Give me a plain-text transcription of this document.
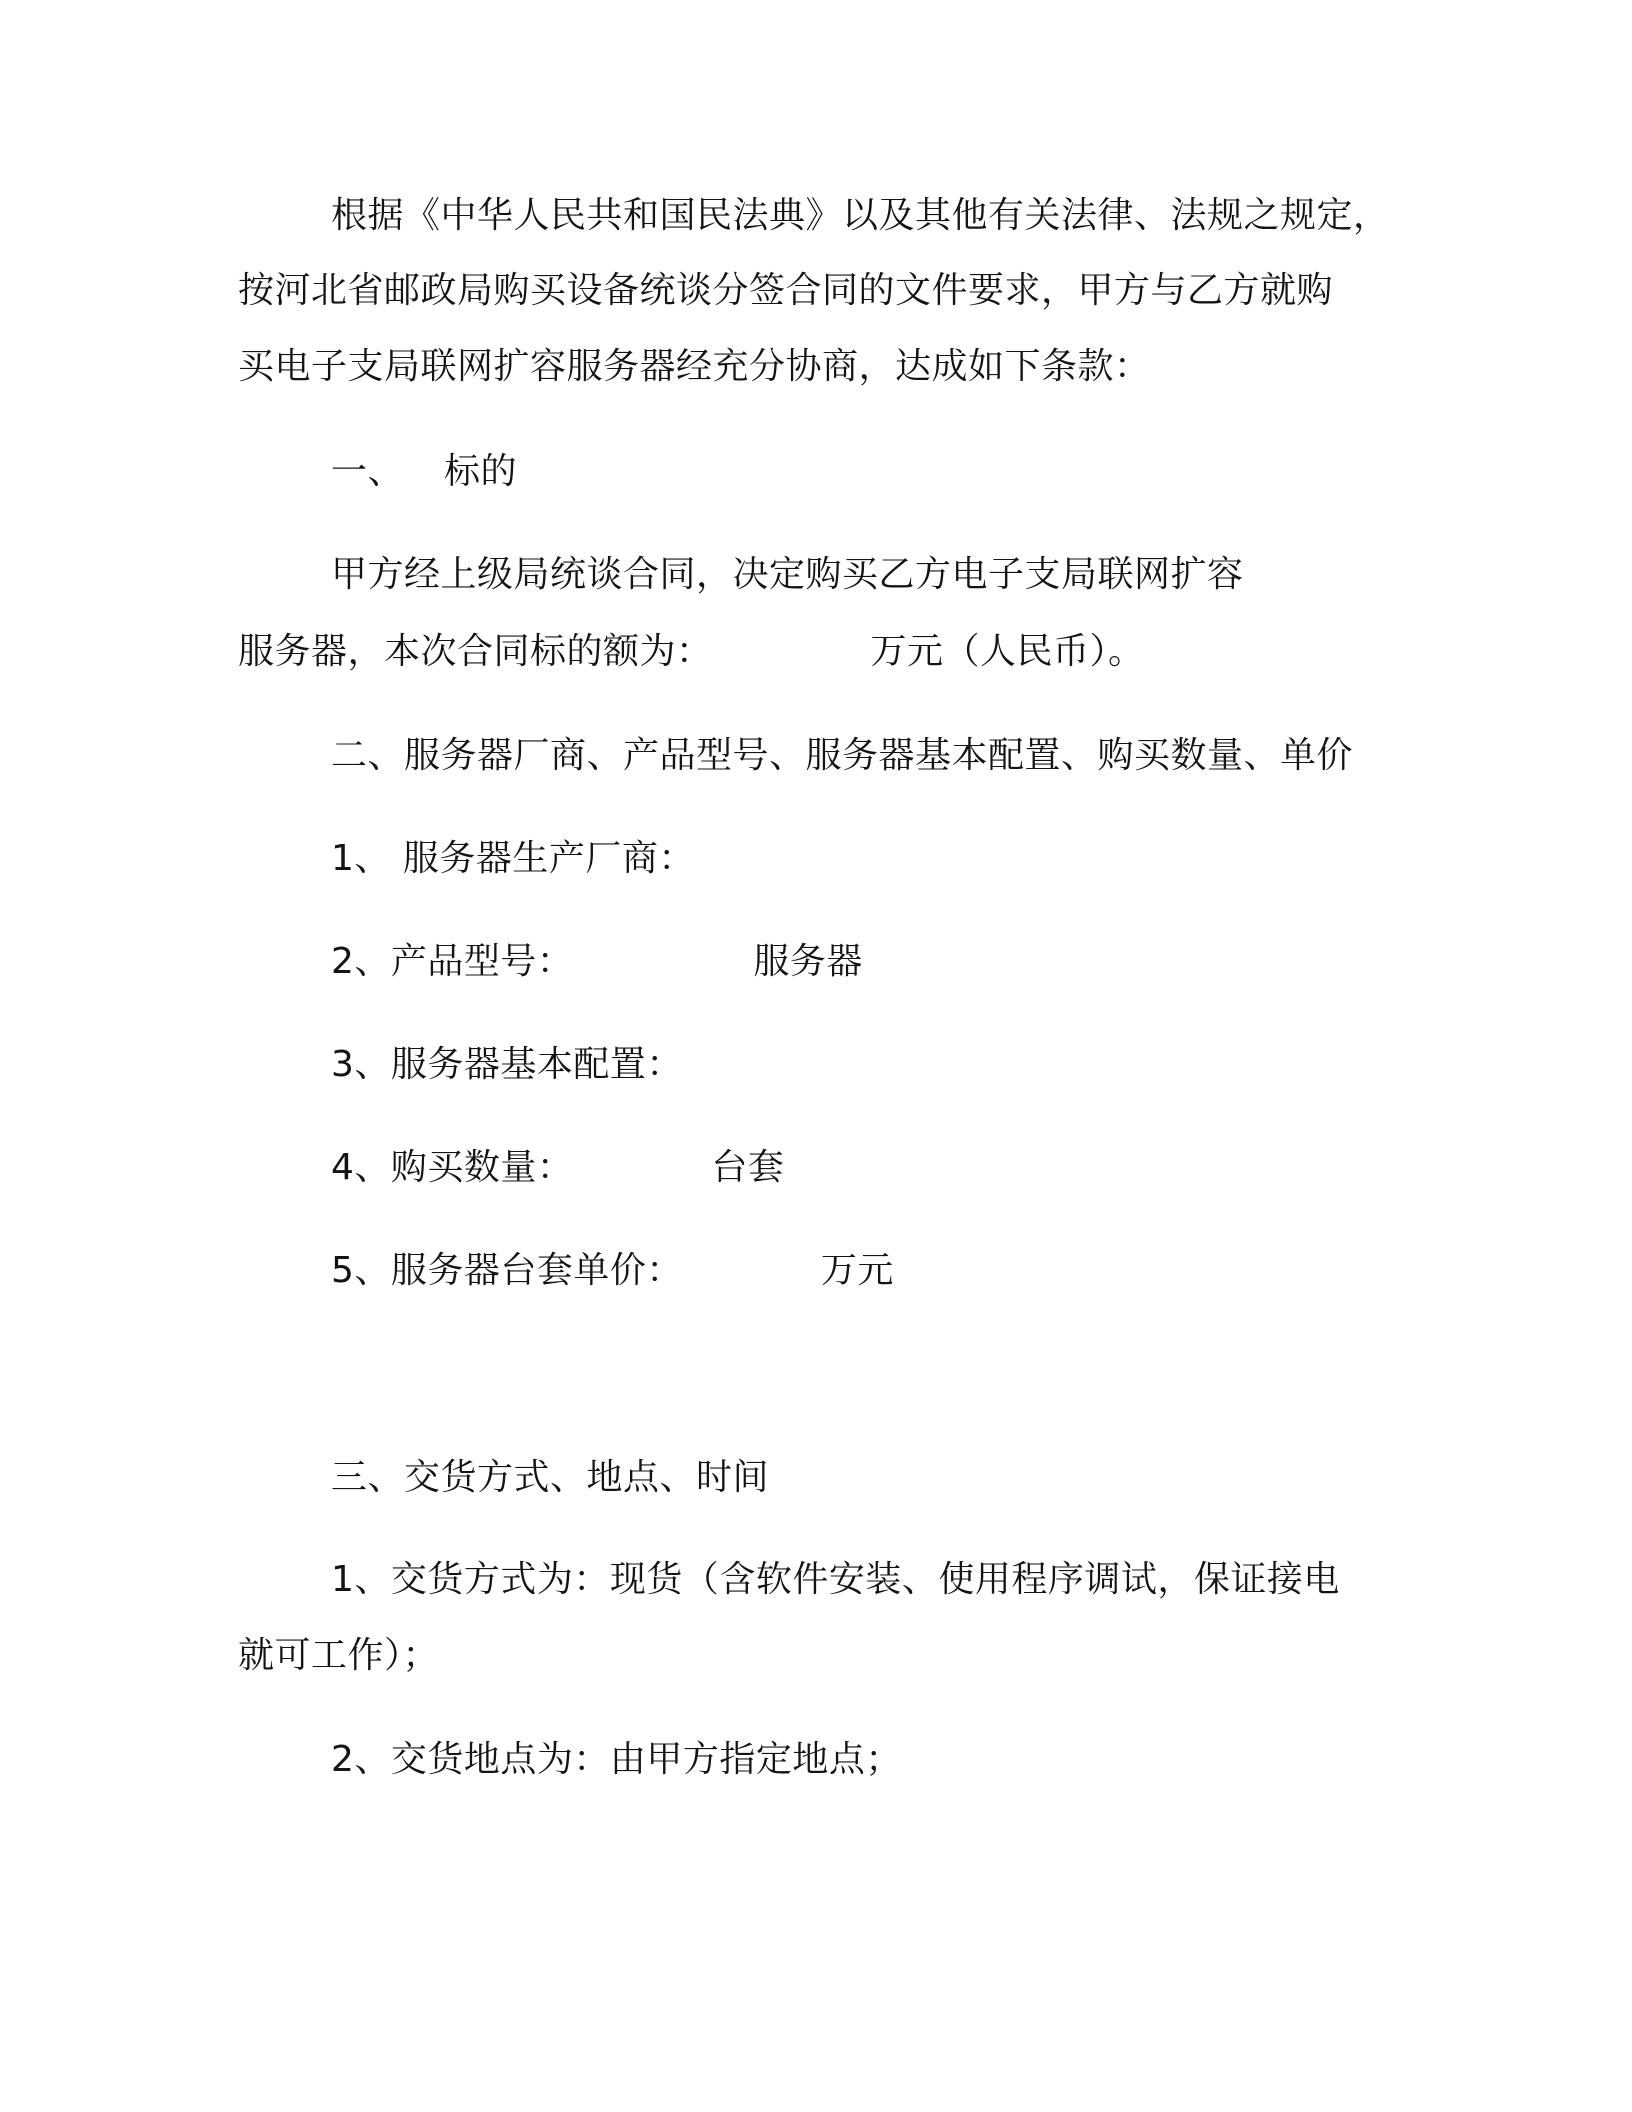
根据《中华人民共和国民法典》以及其他有关法律、法规之规定，
按河北省邮政局购买设备统谈分签合同的文件要求，甲方与乙方就购
买电子支局联网扩容服务器经充分协商，达成如下条款：
一、 标的
甲方经上级局统谈合同，决定购买乙方电子支局联网扩容
服务器，本次合同标的额为：	万元（人民币）。
二、服务器厂商、产品型号、服务器基本配置、购买数量、单价
1、 服务器生产厂商：
2、产品型号：	服务器
3、服务器基本配置：
4、购买数量：	台套
5、服务器台套单价：	万元
三、交货方式、地点、时间
1、交货方式为：现货（含软件安装、使用程序调试，保证接电
就可工作）；
2、交货地点为：由甲方指定地点；
